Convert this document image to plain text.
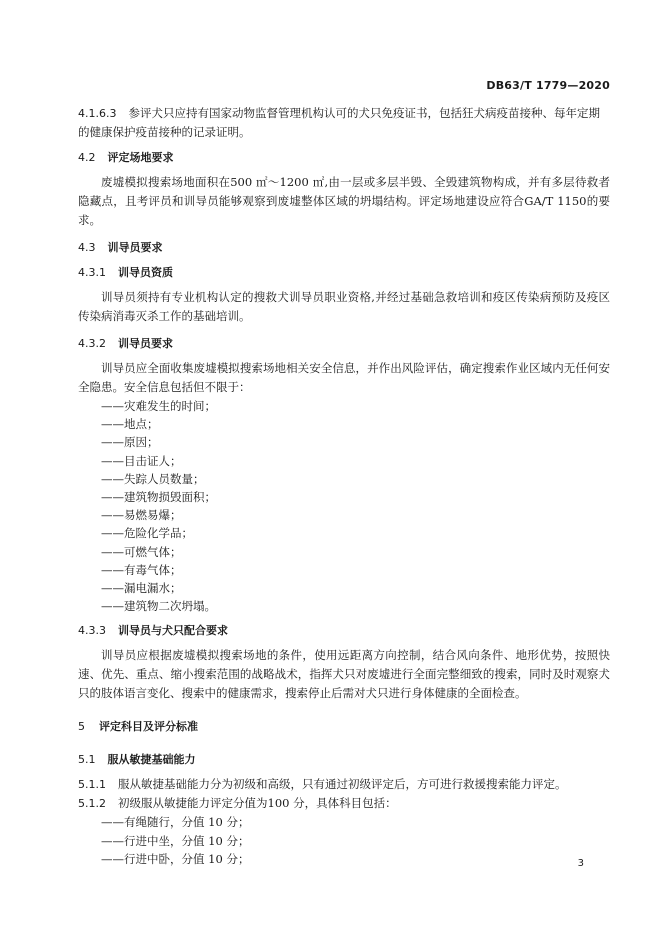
DB63/T 1779—2020

4.1.6.3 参评犬只应持有国家动物监督管理机构认可的犬只免疫证书，包括狂犬病疫苗接种、每年定期的健康保护疫苗接种的记录证明。

4.2 评定场地要求

废墟模拟搜索场地面积在500 ㎡～1200 ㎡,由一层或多层半毁、全毁建筑物构成，并有多层待救者隐藏点，且考评员和训导员能够观察到废墟整体区域的坍塌结构。评定场地建设应符合GA/T 1150的要求。

4.3 训导员要求

4.3.1 训导员资质

训导员须持有专业机构认定的搜救犬训导员职业资格,并经过基础急救培训和疫区传染病预防及疫区传染病消毒灭杀工作的基础培训。

4.3.2 训导员要求

训导员应全面收集废墟模拟搜索场地相关安全信息，并作出风险评估，确定搜索作业区域内无任何安全隐患。安全信息包括但不限于：

——灾难发生的时间；
——地点；
——原因；
——目击证人；
——失踪人员数量；
——建筑物损毁面积；
——易燃易爆；
——危险化学品；
——可燃气体；
——有毒气体；
——漏电漏水；
——建筑物二次坍塌。

4.3.3 训导员与犬只配合要求

训导员应根据废墟模拟搜索场地的条件，使用远距离方向控制，结合风向条件、地形优势，按照快速、优先、重点、缩小搜索范围的战略战术，指挥犬只对废墟进行全面完整细致的搜索，同时及时观察犬只的肢体语言变化、搜索中的健康需求，搜索停止后需对犬只进行身体健康的全面检查。

5 评定科目及评分标准

5.1 服从敏捷基础能力

5.1.1 服从敏捷基础能力分为初级和高级，只有通过初级评定后，方可进行救援搜索能力评定。

5.1.2 初级服从敏捷能力评定分值为100 分，具体科目包括：

——有绳随行，分值 10 分；
——行进中坐，分值 10 分；
——行进中卧，分值 10 分；	3
